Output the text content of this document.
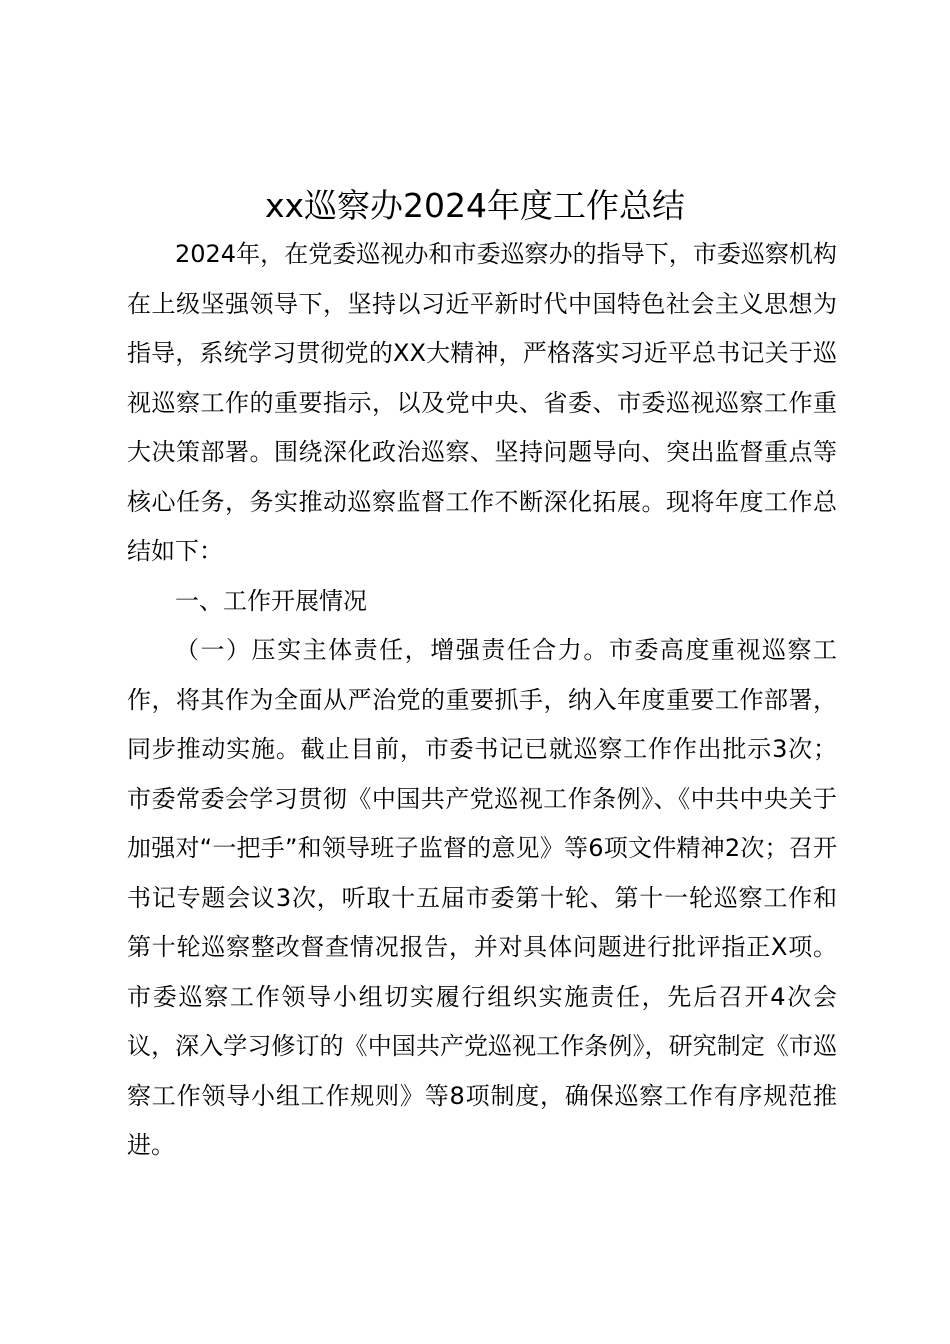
xx巡察办2024年度工作总结

2024年，在党委巡视办和市委巡察办的指导下，市委巡察机构在上级坚强领导下，坚持以习近平新时代中国特色社会主义思想为指导，系统学习贯彻党的XX大精神，严格落实习近平总书记关于巡视巡察工作的重要指示，以及党中央、省委、市委巡视巡察工作重大决策部署。围绕深化政治巡察、坚持问题导向、突出监督重点等核心任务，务实推动巡察监督工作不断深化拓展。现将年度工作总结如下：

一、工作开展情况

（一）压实主体责任，增强责任合力。市委高度重视巡察工作，将其作为全面从严治党的重要抓手，纳入年度重要工作部署，同步推动实施。截止目前，市委书记已就巡察工作作出批示3次；市委常委会学习贯彻《中国共产党巡视工作条例》、《中共中央关于加强对“一把手”和领导班子监督的意见》等6项文件精神2次；召开书记专题会议3次，听取十五届市委第十轮、第十一轮巡察工作和第十轮巡察整改督查情况报告，并对具体问题进行批评指正X项。市委巡察工作领导小组切实履行组织实施责任，先后召开4次会议，深入学习修订的《中国共产党巡视工作条例》，研究制定《市巡察工作领导小组工作规则》等8项制度，确保巡察工作有序规范推进。
